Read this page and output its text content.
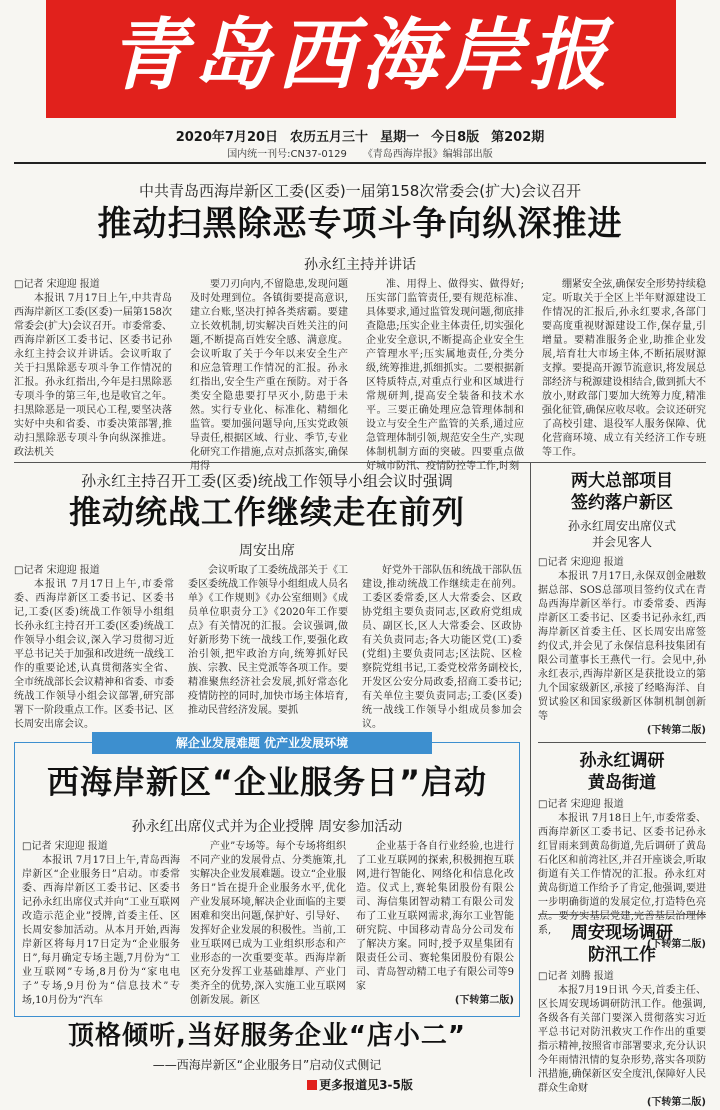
青岛西海岸报
2020年7月20日 农历五月三十 星期一 今日8版 第202期
国内统一刊号:CN37-0129 《青岛西海岸报》编辑部出版
中共青岛西海岸新区工委(区委)一届第158次常委会(扩大)会议召开
推动扫黑除恶专项斗争向纵深推进
孙永红主持并讲话
□记者 宋迎迎 报道

本报讯 7月17日上午,中共青岛西海岸新区工委(区委)一届第158次常委会(扩大)会议召开。市委常委、西海岸新区工委书记、区委书记孙永红主持会议并讲话。会议听取了关于扫黑除恶专项斗争工作情况的汇报。孙永红指出,今年是扫黑除恶专项斗争的第三年,也是收官之年。扫黑除恶是一项民心工程,要坚决落实好中央和省委、市委决策部署,推动扫黑除恶专项斗争向纵深推进。政法机关

要刀刃向内,不留隐患,发现问题及时处理到位。各镇街要提高意识,建立台账,坚决打掉各类痞霸。要建立长效机制,切实解决百姓关注的问题,不断提高百姓安全感、满意度。会议听取了关于今年以来安全生产和应急管理工作情况的汇报。孙永红指出,安全生产重在预防。对于各类安全隐患要打早灭小,防患于未然。实行专业化、标准化、精细化监管。要加强问题导向,压实党政领导责任,根据区域、行业、季节,专业化研究工作措施,点对点抓落实,确保用得

准、用得上、做得实、做得好;压实部门监管责任,要有规范标准、具体要求,通过监管发现问题,彻底排查隐患;压实企业主体责任,切实强化企业安全意识,不断提高企业安全生产管理水平;压实属地责任,分类分级,统筹推进,抓细抓实。二要根据新区特质特点,对重点行业和区域进行常规研判,提高安全装备和技术水平。三要正确处理应急管理体制和设立与安全生产监管的关系,通过应急管理体制引领,规范安全生产,实现体制机制方面的突破。四要重点做好城市防汛、疫情防控等工作,时刻

绷紧安全弦,确保安全形势持续稳定。听取关于全区上半年财源建设工作情况的汇报后,孙永红要求,各部门要高度重视财源建设工作,保存量,引增量。要精准服务企业,助推企业发展,培育壮大市场主体,不断拓展财源支撑。要提高开源节流意识,将发展总部经济与税源建设相结合,做到抓大不放小,财政部门要加大统筹力度,精准强化征管,确保应收尽收。会议还研究了高校引建、退役军人服务保障、优化营商环境、成立有关经济工作专班等工作。

孙永红主持召开工委(区委)统战工作领导小组会议时强调
推动统战工作继续走在前列
周安出席
□记者 宋迎迎 报道

本报讯 7月17日上午,市委常委、西海岸新区工委书记、区委书记,工委(区委)统战工作领导小组组长孙永红主持召开工委(区委)统战工作领导小组会议,深入学习贯彻习近平总书记关于加强和改进统一战线工作的重要论述,认真贯彻落实全省、全市统战部长会议精神和省委、市委统战工作领导小组会议部署,研究部署下一阶段重点工作。区委书记、区长周安出席会议。

会议听取了工委统战部关于《工委区委统战工作领导小组组成人员名单》《工作规则》《办公室细则》《成员单位职责分工》《2020年工作要点》有关情况的汇报。会议强调,做好新形势下统一战线工作,要强化政治引领,把牢政治方向,统筹抓好民族、宗教、民主党派等各项工作。要精准聚焦经济社会发展,抓好常态化疫情防控的同时,加快市场主体培育,推动民营经济发展。要抓

好党外干部队伍和统战干部队伍建设,推动统战工作继续走在前列。工委区委常委,区人大常委会、区政协党组主要负责同志,区政府党组成员、副区长,区人大常委会、区政协有关负责同志;各大功能区党(工)委(党组)主要负责同志;区法院、区检察院党组书记,工委党校常务副校长,开发区公安分局政委,招商工委书记;有关单位主要负责同志;工委(区委)统一战线工作领导小组成员参加会议。

解企业发展难题 优产业发展环境
西海岸新区“企业服务日”启动
孙永红出席仪式并为企业授牌 周安参加活动
□记者 宋迎迎 报道

本报讯 7月17日上午,青岛西海岸新区“企业服务日”启动。市委常委、西海岸新区工委书记、区委书记孙永红出席仪式并向“工业互联网改造示范企业”授牌,首委主任、区长周安参加活动。从本月开始,西海岸新区将每月17日定为“企业服务日”,每月确定专场主题,7月份为“工业互联网”专场,8月份为“家电电子”专场,9月份为“信息技术”专场,10月份为“汽车

产业”专场等。每个专场将组织不同产业的发展骨点、分类施策,扎实解决企业发展难题。设立“企业服务日”旨在提升企业服务水平,优化产业发展环境,解决企业面临的主要困难和突出问题,保护好、引导好、发挥好企业发展的积极性。当前,工业互联网已成为工业组织形态和产业形态的一次重要变革。西海岸新区充分发挥工业基础雄厚、产业门类齐全的优势,深入实施工业互联网创新发展。新区

企业基于各自行业经验,也进行了工业互联网的探索,积极拥抱互联网,进行智能化、网络化和信息化改造。仪式上,赛轮集团股份有限公司、海信集团智动精工有限公司发布了工业互联网需求,海尔工业智能研究院、中国移动青岛分公司发布了解决方案。同时,授予双星集团有限责任公司、赛轮集团股份有限公司、青岛智动精工电子有限公司等9家

(下转第二版)

顶格倾听,当好服务企业“店小二”
——西海岸新区“企业服务日”启动仪式侧记
两大总部项目
签约落户新区
孙永红周安出席仪式
并会见客人
□记者 宋迎迎 报道

本报讯 7月17日,永保双创金融数据总部、SOS总部项目签约仪式在青岛西海岸新区举行。市委常委、西海岸新区工委书记、区委书记孙永红,西海岸新区首委主任、区长周安出席签约仪式,并会见了永保信息科技集团有限公司董事长王燕代一行。会见中,孙永红表示,西海岸新区是获批设立的第九个国家级新区,承接了经略海洋、自贸试验区和国家级新区体制机制创新等

(下转第二版)

孙永红调研
黄岛街道
□记者 宋迎迎 报道

本报讯 7月18日上午,市委常委、西海岸新区工委书记、区委书记孙永红冒雨来到黄岛街道,先后调研了黄岛石化区和前湾社区,并召开座谈会,听取街道有关工作情况的汇报。孙永红对黄岛街道工作给予了肯定,他强调,要进一步明确街道的发展定位,打造特色亮点。要夯实基层党建,完善基层治理体系,

(下转第二版)

周安现场调研
防汛工作
□记者 刘腾 报道

本报7月19日讯 今天,首委主任、区长周安现场调研防汛工作。他强调,各级各有关部门要深入贯彻落实习近平总书记对防汛救灾工作作出的重要指示精神,按照省市部署要求,充分认识今年雨情汛情的复杂形势,落实各项防汛措施,确保新区安全度汛,保障好人民群众生命财

(下转第二版)

更多报道见3-5版
